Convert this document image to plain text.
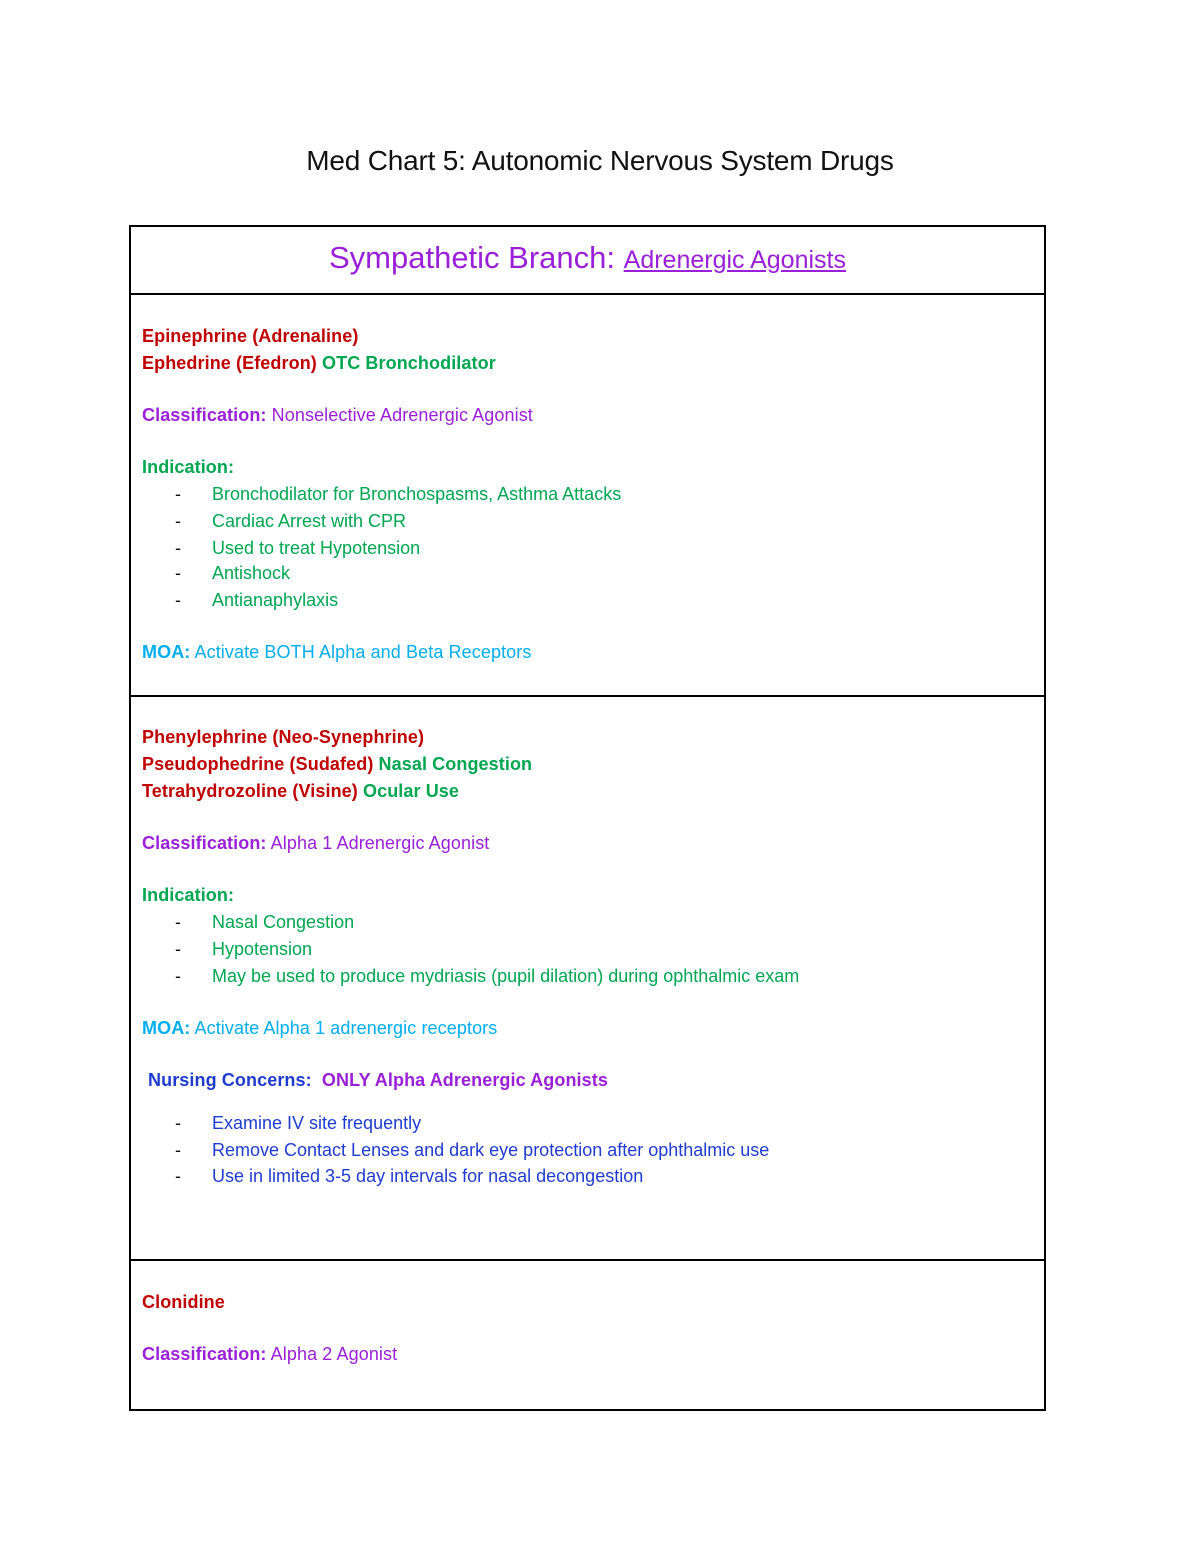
Med Chart 5: Autonomic Nervous System Drugs
Sympathetic Branch: Adrenergic Agonists
Epinephrine (Adrenaline)
Ephedrine (Efedron) OTC Bronchodilator
Classification: Nonselective Adrenergic Agonist
Indication:
- Bronchodilator for Bronchospasms, Asthma Attacks
- Cardiac Arrest with CPR
- Used to treat Hypotension
- Antishock
- Antianaphylaxis
MOA: Activate BOTH Alpha and Beta Receptors
Phenylephrine (Neo-Synephrine)
Pseudophedrine (Sudafed) Nasal Congestion
Tetrahydrozoline (Visine) Ocular Use
Classification: Alpha 1 Adrenergic Agonist
Indication:
- Nasal Congestion
- Hypotension
- May be used to produce mydriasis (pupil dilation) during ophthalmic exam
MOA: Activate Alpha 1 adrenergic receptors
Nursing Concerns: ONLY Alpha Adrenergic Agonists
- Examine IV site frequently
- Remove Contact Lenses and dark eye protection after ophthalmic use
- Use in limited 3-5 day intervals for nasal decongestion
Clonidine
Classification: Alpha 2 Agonist
